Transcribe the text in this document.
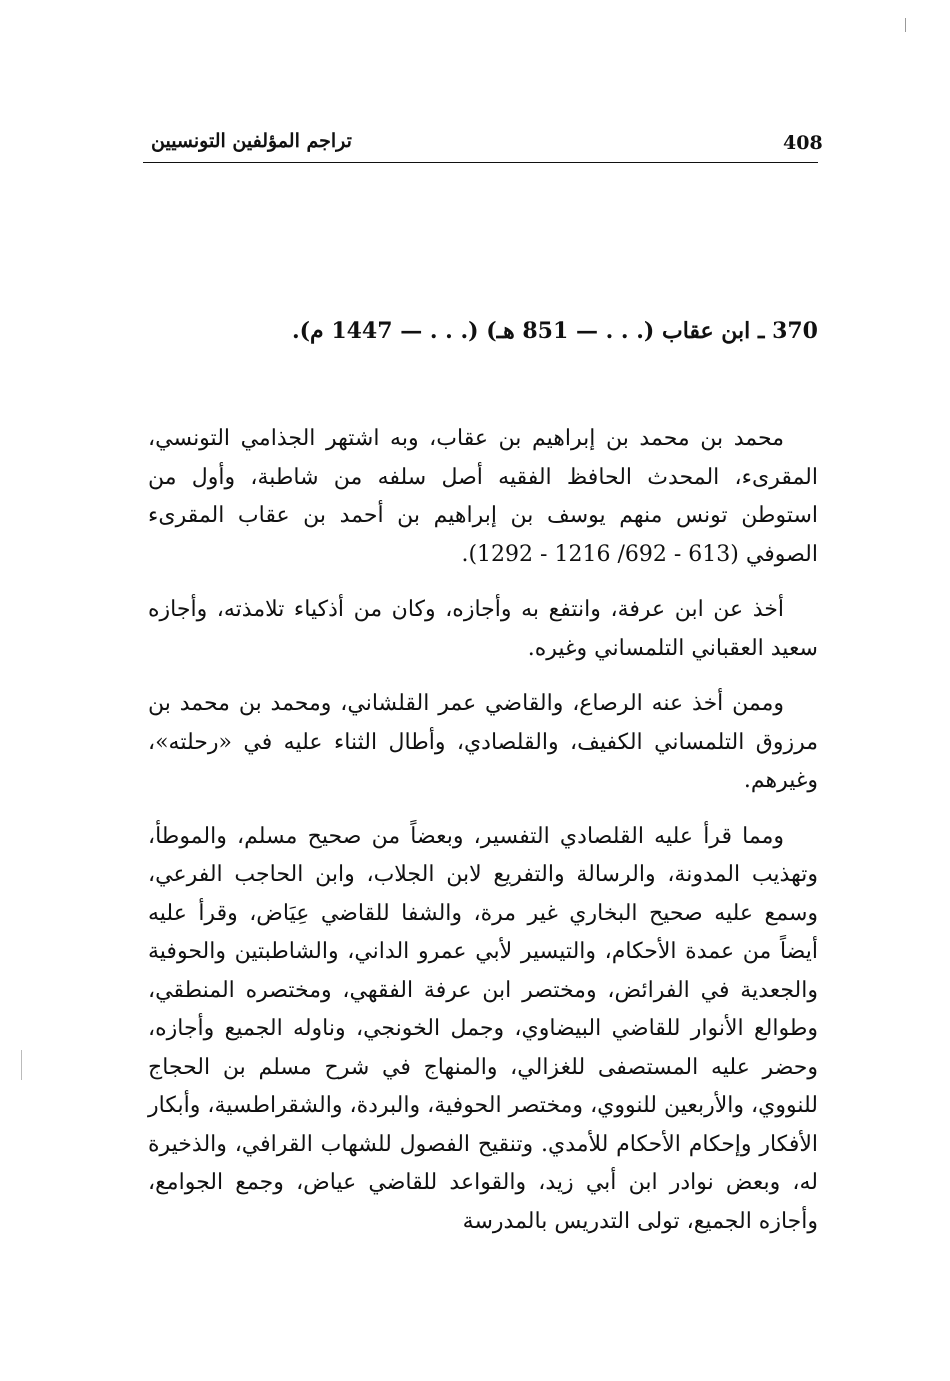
408
تراجم المؤلفين التونسيين
370 ـ ابن عقاب (. . . — 851 هـ) (. . . — 1447 م).

محمد بن محمد بن إبراهيم بن عقاب، وبه اشتهر الجذامي التونسي، المقرىء، المحدث الحافظ الفقيه أصل سلفه من شاطبة، وأول من استوطن تونس منهم يوسف بن إبراهيم بن أحمد بن عقاب المقرىء الصوفي (613 - 692/ 1216 - 1292).

أخذ عن ابن عرفة، وانتفع به وأجازه، وكان من أذكياء تلامذته، وأجازه سعيد العقباني التلمساني وغيره.

وممن أخذ عنه الرصاع، والقاضي عمر القلشاني، ومحمد بن محمد بن مرزوق التلمساني الكفيف، والقلصادي، وأطال الثناء عليه في «رحلته»، وغيرهم.

ومما قرأ عليه القلصادي التفسير، وبعضاً من صحيح مسلم، والموطأ، وتهذيب المدونة، والرسالة والتفريع لابن الجلاب، وابن الحاجب الفرعي، وسمع عليه صحيح البخاري غير مرة، والشفا للقاضي عِيَاض، وقرأ عليه أيضاً من عمدة الأحكام، والتيسير لأبي عمرو الداني، والشاطبتين والحوفية والجعدية في الفرائض، ومختصر ابن عرفة الفقهي، ومختصره المنطقي، وطوالع الأنوار للقاضي البيضاوي، وجمل الخونجي، وناوله الجميع وأجازه، وحضر عليه المستصفى للغزالي، والمنهاج في شرح مسلم بن الحجاج للنووي، والأربعين للنووي، ومختصر الحوفية، والبردة، والشقراطسية، وأبكار الأفكار وإحكام الأحكام للأمدي. وتنقيح الفصول للشهاب القرافي، والذخيرة له، وبعض نوادر ابن أبي زيد، والقواعد للقاضي عياض، وجمع الجوامع، وأجازه الجميع، تولى التدريس بالمدرسة
